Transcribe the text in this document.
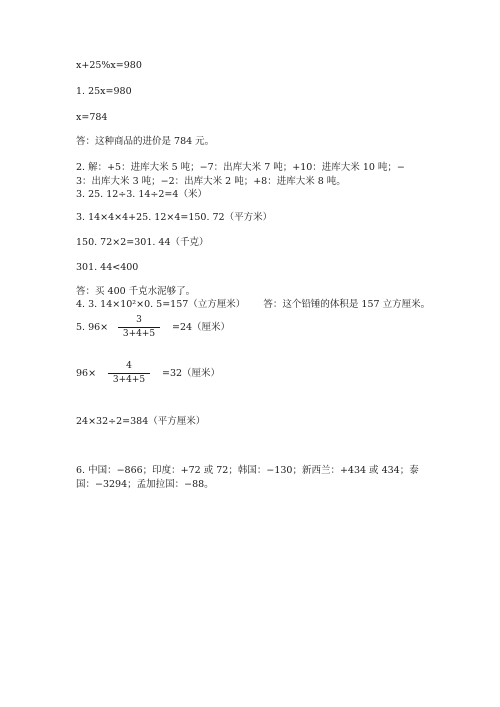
x+25%x=980
1. 25x=980
x=784
答：这种商品的进价是 784 元。
2. 解：+5：进库大米 5 吨；−7：出库大米 7 吨；+10：进库大米 10 吨；−
3：出库大米 3 吨；−2：出库大米 2 吨；+8：进库大米 8 吨。
3. 25. 12÷3. 14÷2=4（米）
3. 14×4×4+25. 12×4=150. 72（平方米）
150. 72×2=301. 44（千克）
301. 44<400
答：买 400 千克水泥够了。
4. 3. 14×10²×0. 5=157（立方厘米）      答：这个铅锤的体积是 157 立方厘米。
5. 96×
3
3+4+5
=24（厘米）
96×
4
3+4+5
=32（厘米）
24×32÷2=384（平方厘米）
6. 中国：−866；印度：+72 或 72；韩国：−130；新西兰：+434 或 434；泰
国：−3294；孟加拉国：−88。
